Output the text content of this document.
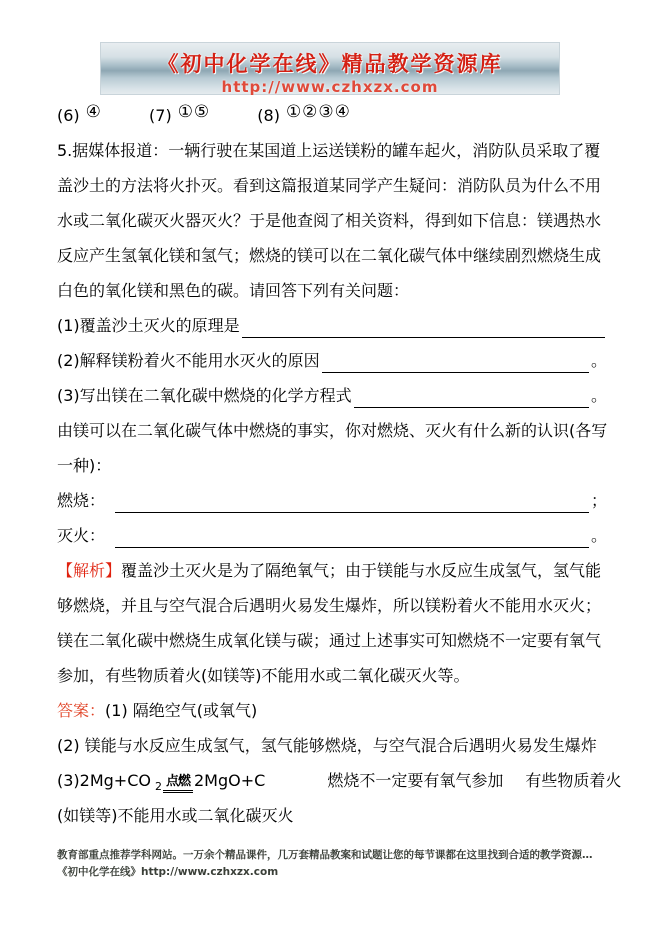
《初中化学在线》精品教学资源库
http://www.czhxzx.com
(6) ④	(7) ①⑤	(8) ①②③④
5.据媒体报道：一辆行驶在某国道上运送镁粉的罐车起火，消防队员采取了覆
盖沙土的方法将火扑灭。看到这篇报道某同学产生疑问：消防队员为什么不用
水或二氧化碳灭火器灭火？于是他查阅了相关资料，得到如下信息：镁遇热水
反应产生氢氧化镁和氢气；燃烧的镁可以在二氧化碳气体中继续剧烈燃烧生成
白色的氧化镁和黑色的碳。请回答下列有关问题：
(1)覆盖沙土灭火的原理是
(2)解释镁粉着火不能用水灭火的原因	。
(3)写出镁在二氧化碳中燃烧的化学方程式	。
由镁可以在二氧化碳气体中燃烧的事实，你对燃烧、灭火有什么新的认识(各写
一种)：
燃烧：	；
灭火：	。
【解析】覆盖沙土灭火是为了隔绝氧气；由于镁能与水反应生成氢气，氢气能
够燃烧，并且与空气混合后遇明火易发生爆炸，所以镁粉着火不能用水灭火；
镁在二氧化碳中燃烧生成氧化镁与碳；通过上述事实可知燃烧不一定要有氧气
参加，有些物质着火(如镁等)不能用水或二氧化碳灭火等。
答案：(1) 隔绝空气(或氧气)
(2) 镁能与水反应生成氢气，氢气能够燃烧，与空气混合后遇明火易发生爆炸
(3)2Mg+CO $_2$ 点燃 2MgO+C	燃烧不一定要有氧气参加 有些物质着火
(如镁等)不能用水或二氧化碳灭火
教育部重点推荐学科网站。一万余个精品课件，几万套精品教案和试题让您的每节课都在这里找到合适的教学资源…《初中化学在线》http://www.czhxzx.com
